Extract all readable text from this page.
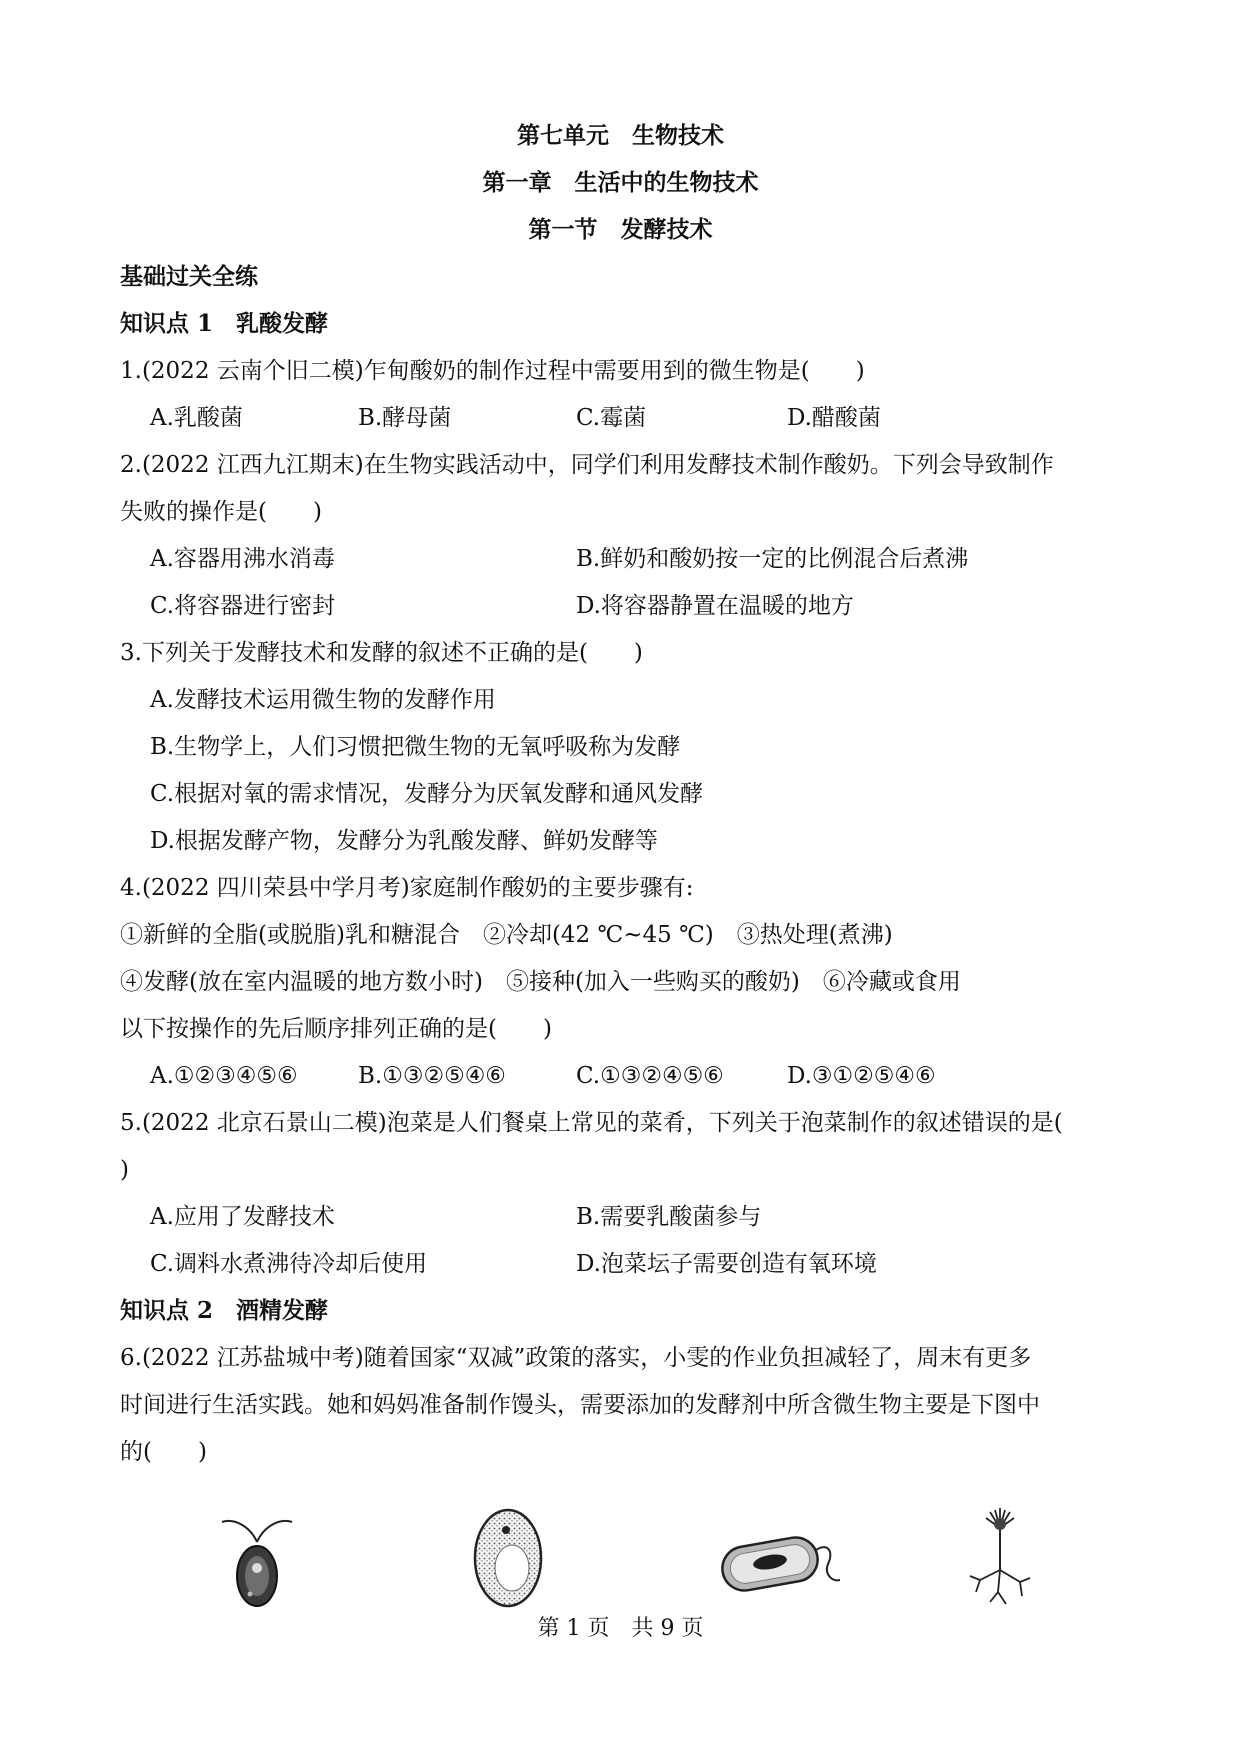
第七单元　生物技术
第一章　生活中的生物技术
第一节　发酵技术
基础过关全练
知识点 1　乳酸发酵
1.(2022 云南个旧二模)乍甸酸奶的制作过程中需要用到的微生物是(　　)
A.乳酸菌	B.酵母菌	C.霉菌	D.醋酸菌
2.(2022 江西九江期末)在生物实践活动中，同学们利用发酵技术制作酸奶。下列会导致制作
失败的操作是(　　)
A.容器用沸水消毒	B.鲜奶和酸奶按一定的比例混合后煮沸
C.将容器进行密封	D.将容器静置在温暖的地方
3.下列关于发酵技术和发酵的叙述不正确的是(　　)
A.发酵技术运用微生物的发酵作用
B.生物学上，人们习惯把微生物的无氧呼吸称为发酵
C.根据对氧的需求情况，发酵分为厌氧发酵和通风发酵
D.根据发酵产物，发酵分为乳酸发酵、鲜奶发酵等
4.(2022 四川荣县中学月考)家庭制作酸奶的主要步骤有:
①新鲜的全脂(或脱脂)乳和糖混合　②冷却(42 ℃~45 ℃)　③热处理(煮沸)
④发酵(放在室内温暖的地方数小时)　⑤接种(加入一些购买的酸奶)　⑥冷藏或食用
以下按操作的先后顺序排列正确的是(　　)
A.①②③④⑤⑥	B.①③②⑤④⑥	C.①③②④⑤⑥	D.③①②⑤④⑥
5.(2022 北京石景山二模)泡菜是人们餐桌上常见的菜肴，下列关于泡菜制作的叙述错误的是(
)
A.应用了发酵技术	B.需要乳酸菌参与
C.调料水煮沸待冷却后使用	D.泡菜坛子需要创造有氧环境
知识点 2　酒精发酵
6.(2022 江苏盐城中考)随着国家“双减”政策的落实，小雯的作业负担减轻了，周末有更多
时间进行生活实践。她和妈妈准备制作馒头，需要添加的发酵剂中所含微生物主要是下图中
的(　　)
第 1 页　共 9 页
